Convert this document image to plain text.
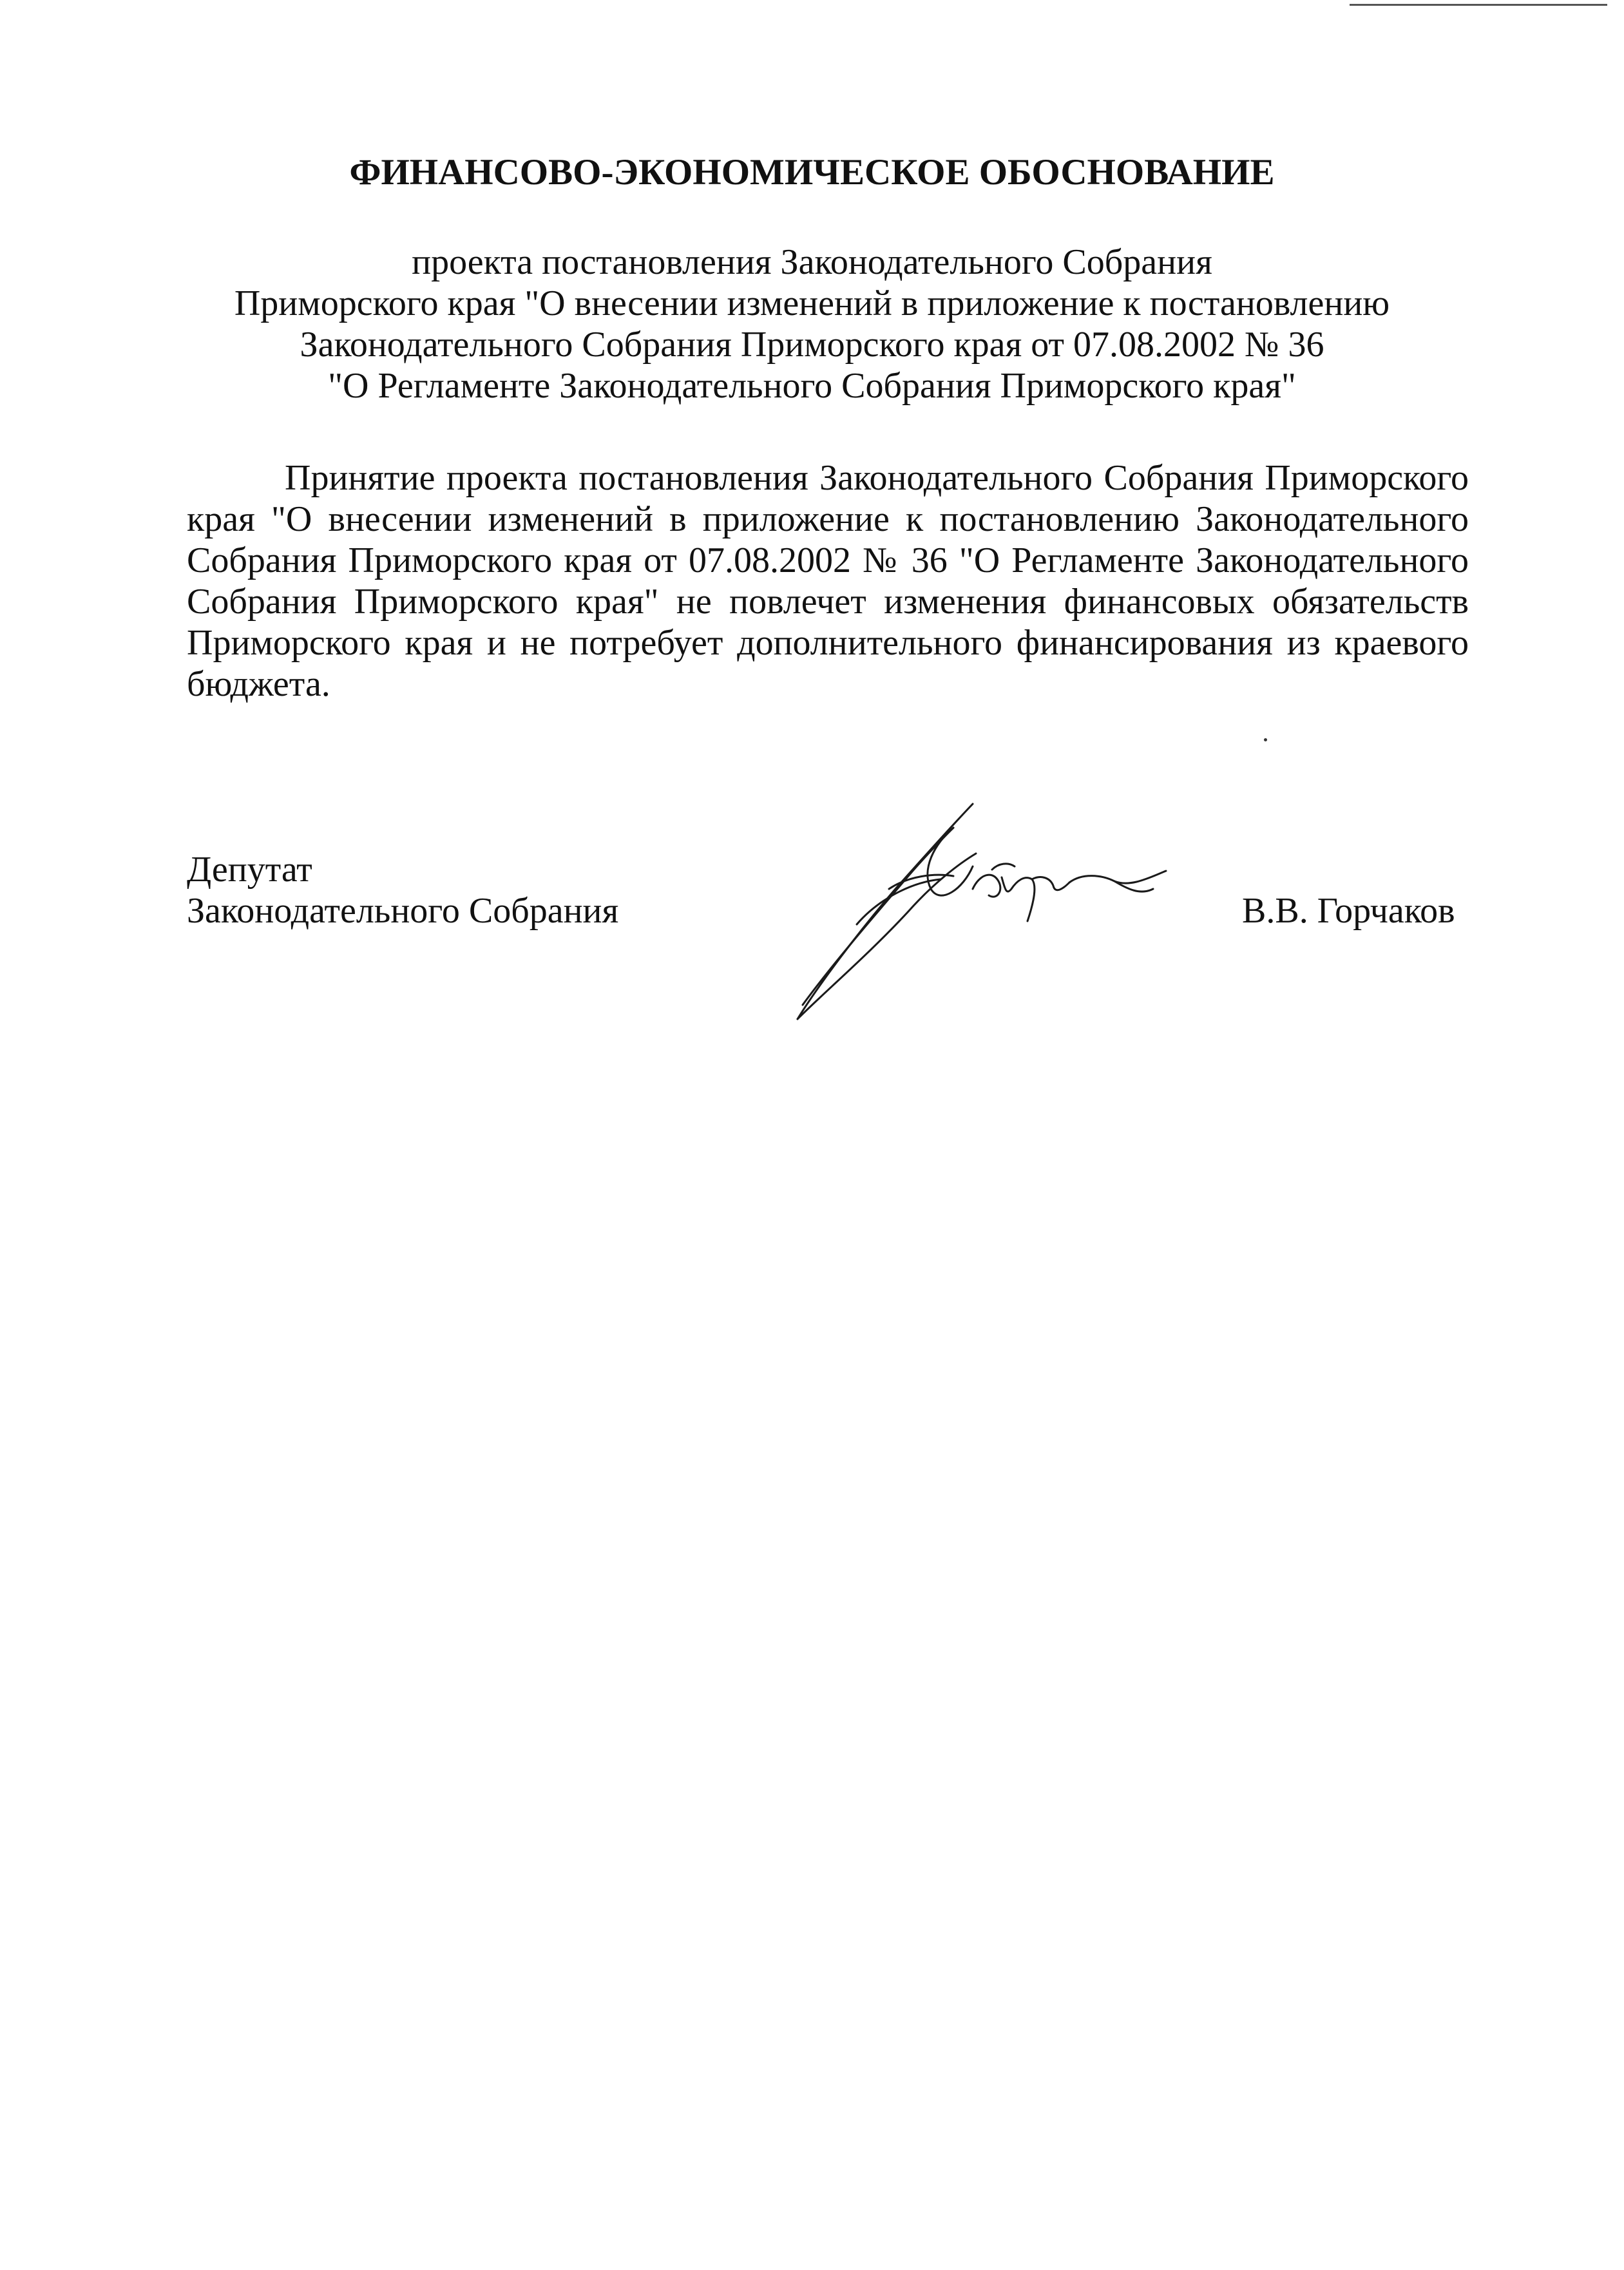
ФИНАНСОВО-ЭКОНОМИЧЕСКОЕ ОБОСНОВАНИЕ
проекта постановления Законодательного Собрания
Приморского края "О внесении изменений в приложение к постановлению
Законодательного Собрания Приморского края от 07.08.2002 № 36
"О Регламенте Законодательного Собрания Приморского края"

Принятие проекта постановления Законодательного Собрания Приморского края "О внесении изменений в приложение к постановлению Законодательного Собрания Приморского края от 07.08.2002 № 36 "О Регламенте Законодательного Собрания Приморского края" не повлечет изменения финансовых обязательств Приморского края и не потребует дополнительного финансирования из краевого бюджета.

Депутат
Законодательного Собрания	В.В. Горчаков
